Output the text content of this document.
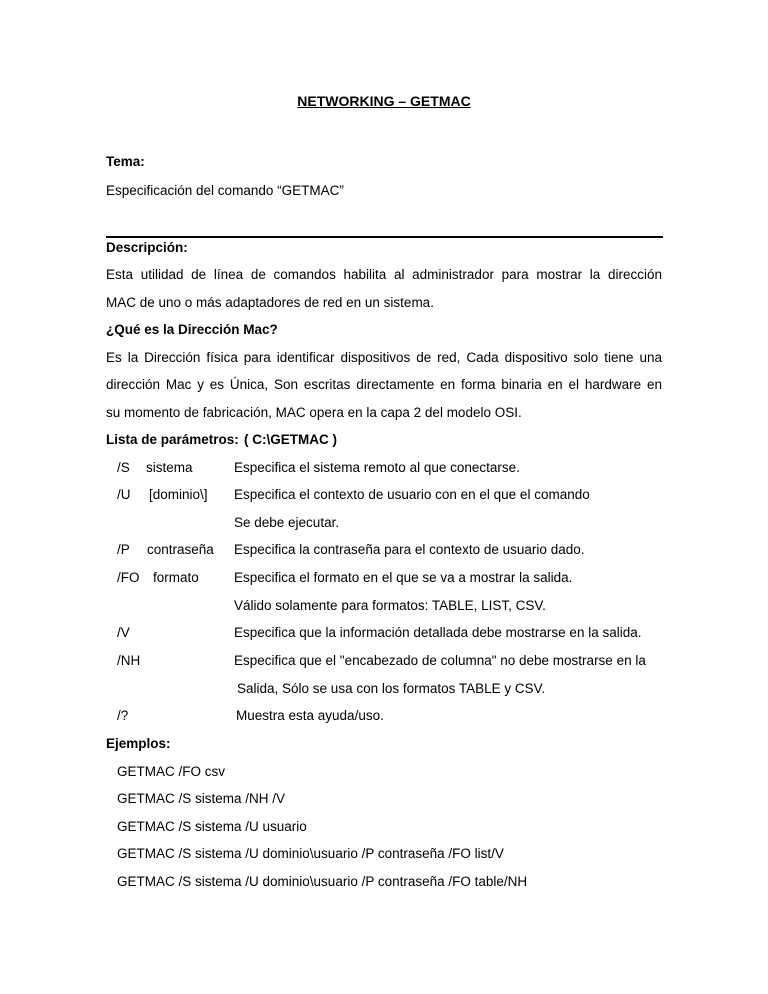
NETWORKING – GETMAC
Tema:
Especificación del comando “GETMAC”
Descripción:
Esta utilidad de línea de comandos habilita al administrador para mostrar la dirección
MAC de uno o más adaptadores de red en un sistema.
¿Qué es la Dirección Mac?
Es la Dirección física para identificar dispositivos de red, Cada dispositivo solo tiene una
dirección Mac y es Única, Son escritas directamente en forma binaria en el hardware en
su momento de fabricación, MAC opera en la capa 2 del modelo OSI.
Lista de parámetros: ( C:\GETMAC )
/S sistema	Especifica el sistema remoto al que conectarse.
/U [dominio\] Especifica el contexto de usuario con en el que el comando
Se debe ejecutar.
/P contraseña Especifica la contraseña para el contexto de usuario dado.
/FO formato	Especifica el formato en el que se va a mostrar la salida.
Válido solamente para formatos: TABLE, LIST, CSV.
/V	Especifica que la información detallada debe mostrarse en la salida.
/NH	Especifica que el "encabezado de columna" no debe mostrarse en la
Salida, Sólo se usa con los formatos TABLE y CSV.
/?	Muestra esta ayuda/uso.
Ejemplos:
GETMAC /FO csv
GETMAC /S sistema /NH /V
GETMAC /S sistema /U usuario
GETMAC /S sistema /U dominio\usuario /P contraseña /FO list/V
GETMAC /S sistema /U dominio\usuario /P contraseña /FO table/NH
